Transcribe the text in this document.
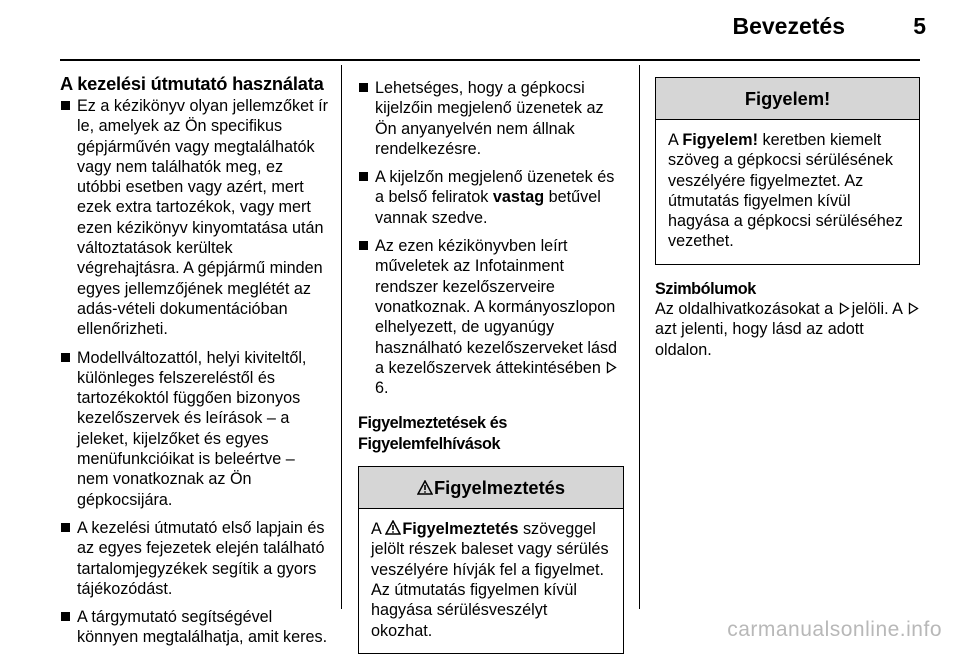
Bevezetés	5
A kezelési útmutató használata
Ez a kézikönyv olyan jellemzőket ír le, amelyek az Ön specifikus gépjárművén vagy megtalálhatók vagy nem találhatók meg, ez utóbbi esetben vagy azért, mert ezek extra tartozékok, vagy mert ezen kézikönyv kinyomtatása után változtatások kerültek végrehajtásra. A gépjármű minden egyes jellemzőjének meglétét az adás-vételi dokumentációban ellenőrizheti.
Modellváltozattól, helyi kiviteltől, különleges felszereléstől és tartozékoktól függően bizonyos kezelőszervek és leírások – a jeleket, kijelzőket és egyes menüfunkcióikat is beleértve – nem vonatkoznak az Ön gépkocsijára.
A kezelési útmutató első lapjain és az egyes fejezetek elején található tartalomjegyzékek segítik a gyors tájékozódást.
A tárgymutató segítségével könnyen megtalálhatja, amit keres.
Lehetséges, hogy a gépkocsi kijelzőin megjelenő üzenetek az Ön anyanyelvén nem állnak rendelkezésre.
A kijelzőn megjelenő üzenetek és a belső feliratok vastag betűvel vannak szedve.
Az ezen kézikönyvben leírt műveletek az Infotainment rendszer kezelőszerveire vonatkoznak. A kormányoszlopon elhelyezett, de ugyanúgy használható kezelőszerveket lásd a kezelőszervek áttekintésében 6.
Figyelmeztetések és Figyelemfelhívások
Figyelmeztetés
A Figyelmeztetés szöveggel jelölt részek baleset vagy sérülés veszélyére hívják fel a figyelmet. Az útmutatás figyelmen kívül hagyása sérülésveszélyt okozhat.
Figyelem!
A Figyelem! keretben kiemelt szöveg a gépkocsi sérülésének veszélyére figyelmeztet. Az útmutatás figyelmen kívül hagyása a gépkocsi sérüléséhez vezethet.
Szimbólumok
Az oldalhivatkozásokat a jelöli. A azt jelenti, hogy lásd az adott oldalon.
carmanualsonline.info
